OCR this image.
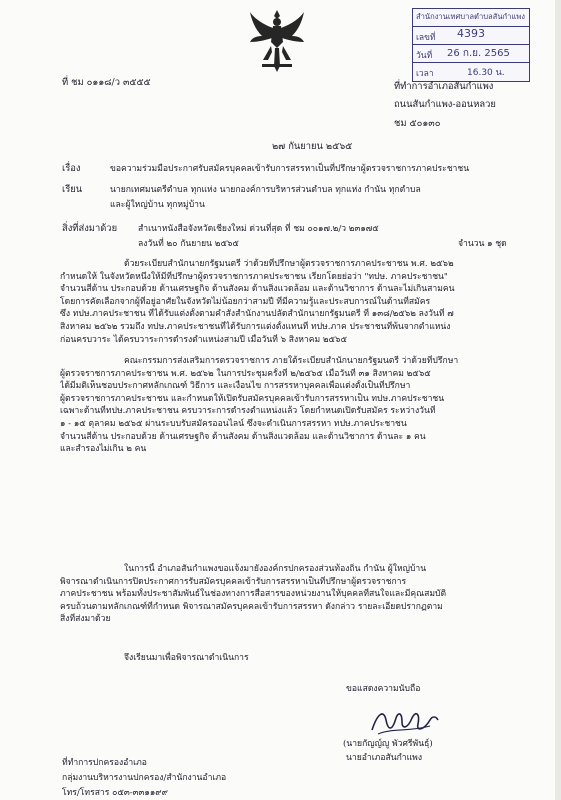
สำนักงานเทศบาลตำบลสันกำแพง
เลขที่ 4393
วันที่ 26 ก.ย. 2565
เวลา	16.30 น.
ที่ ชม ๐๑๑๘/ว ๓๕๕๕	ที่ทำการอำเภอสันกำแพง
ถนนสันกำแพง-ออนหลวย
ชม ๕๐๑๓๐
๒๗ กันยายน ๒๕๖๕
เรื่อง	ขอความร่วมมือประกาศรับสมัครบุคคลเข้ารับการสรรหาเป็นที่ปรึกษาผู้ตรวจราชการภาคประชาชน
เรียน	นายกเทศมนตรีตำบล ทุกแห่ง นายกองค์การบริหารส่วนตำบล ทุกแห่ง กำนัน ทุกตำบล
และผู้ใหญ่บ้าน ทุกหมู่บ้าน
สิ่งที่ส่งมาด้วย สำเนาหนังสือจังหวัดเชียงใหม่ ด่วนที่สุด ที่ ชม ๐๐๑๗.๒/ว ๒๓๑๗๕
ลงวันที่ ๒๐ กันยายน ๒๕๖๕	จำนวน ๑ ชุด
ด้วยระเบียบสำนักนายกรัฐมนตรี ว่าด้วยที่ปรึกษาผู้ตรวจราชการภาคประชาชน พ.ศ. ๒๕๖๒
กำหนดให้ ในจังหวัดหนึ่งให้มีที่ปรึกษาผู้ตรวจราชการภาคประชาชน เรียกโดยย่อว่า "ทปษ. ภาคประชาชน"
จำนวนสี่ด้าน ประกอบด้วย ด้านเศรษฐกิจ ด้านสังคม ด้านสิ่งแวดล้อม และด้านวิชาการ ด้านละไม่เกินสามคน
โดยการคัดเลือกจากผู้ที่อยู่อาศัยในจังหวัดไม่น้อยกว่าสามปี ที่มีความรู้และประสบการณ์ในด้านที่สมัคร
ซึ่ง ทปษ.ภาคประชาชน ที่ได้รับแต่งตั้งตามคำสั่งสำนักงานปลัดสำนักนายกรัฐมนตรี ที่ ๑๓๘/๒๕๖๒ ลงวันที่ ๗
สิงหาคม ๒๕๖๒ รวมถึง ทปษ.ภาคประชาชนที่ได้รับการแต่งตั้งแทนที่ ทปษ.ภาค ประชาชนที่พ้นจากตำแหน่ง
ก่อนครบวาระ ได้ครบวาระการดำรงตำแหน่งสามปี เมื่อวันที่ ๖ สิงหาคม ๒๕๖๕
คณะกรรมการส่งเสริมการตรวจราชการ ภายใต้ระเบียบสำนักนายกรัฐมนตรี ว่าด้วยที่ปรึกษา
ผู้ตรวจราชการภาคประชาชน พ.ศ. ๒๕๖๒ ในการประชุมครั้งที่ ๒/๒๕๖๕ เมื่อวันที่ ๓๑ สิงหาคม ๒๕๖๕
ได้มีมติเห็นชอบประกาศหลักเกณฑ์ วิธีการ และเงื่อนไข การสรรหาบุคคลเพื่อแต่งตั้งเป็นที่ปรึกษา
ผู้ตรวจราชการภาคประชาชน และกำหนดให้เปิดรับสมัครบุคคลเข้ารับการสรรหาเป็น ทปษ.ภาคประชาชน
เฉพาะด้านที่ทปษ.ภาคประชาชน ครบวาระการดำรงตำแหน่งแล้ว โดยกำหนดเปิดรับสมัคร ระหว่างวันที่
๑ - ๑๕ ตุลาคม ๒๕๖๕ ผ่านระบบรับสมัครออนไลน์ ซึ่งจะดำเนินการสรรหา ทปษ.ภาคประชาชน
จำนวนสี่ด้าน ประกอบด้วย ด้านเศรษฐกิจ ด้านสังคม ด้านสิ่งแวดล้อม และด้านวิชาการ ด้านละ ๑ คน
และสำรองไม่เกิน ๒ คน
ในการนี้ อำเภอสันกำแพงขอแจ้งมายังองค์กรปกครองส่วนท้องถิ่น กำนัน ผู้ใหญ่บ้าน
พิจารณาดำเนินการปิดประกาศการรับสมัครบุคคลเข้ารับการสรรหาเป็นที่ปรึกษาผู้ตรวจราชการ
ภาคประชาชน พร้อมทั้งประชาสัมพันธ์ในช่องทางการสื่อสารของหน่วยงานให้บุคคลที่สนใจและมีคุณสมบัติ
ครบถ้วนตามหลักเกณฑ์ที่กำหนด พิจารณาสมัครบุคคลเข้ารับการสรรหา ดังกล่าว รายละเอียดปรากฏตาม
สิ่งที่ส่งมาด้วย
จึงเรียนมาเพื่อพิจารณาดำเนินการ
ขอแสดงความนับถือ
(นายกัญญ์ญู พัวศรีพันธุ์)
นายอำเภอสันกำแพง
ที่ทำการปกครองอำเภอ
กลุ่มงานบริหารงานปกครอง/สำนักงานอำเภอ
โทร/โทรสาร ๐๕๓-๓๓๑๑๙๙
